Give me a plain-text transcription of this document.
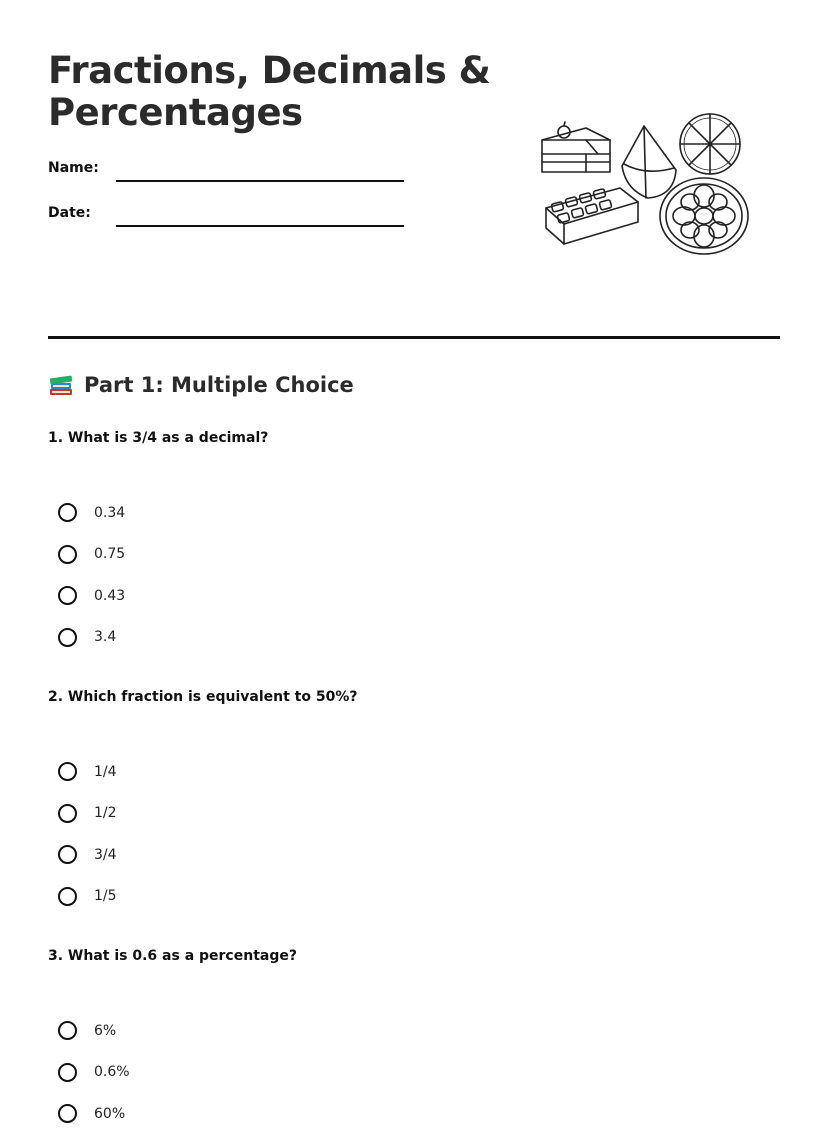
Fractions, Decimals & Percentages
Name:
Date:
Part 1: Multiple Choice

1. What is 3/4 as a decimal?

0.34
0.75
0.43
3.4

2. Which fraction is equivalent to 50%?

1/4
1/2
3/4
1/5

3. What is 0.6 as a percentage?

6%
0.6%
60%
